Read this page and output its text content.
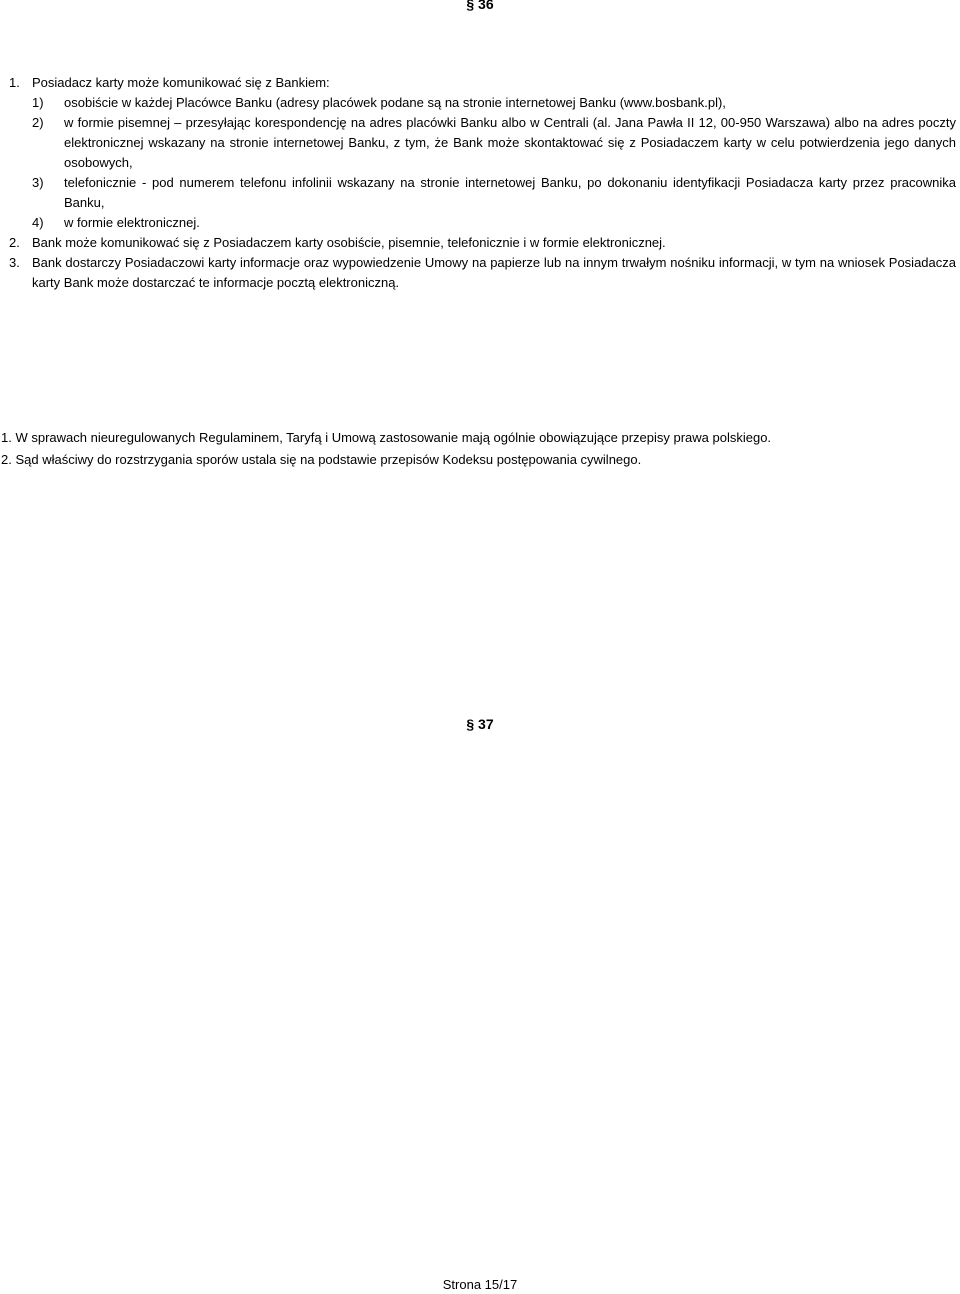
§ 36
1. Posiadacz karty może komunikować się z Bankiem:
1) osobiście w każdej Placówce Banku (adresy placówek podane są na stronie internetowej Banku (www.bosbank.pl),
2) w formie pisemnej – przesyłając korespondencję na adres placówki Banku albo w Centrali (al. Jana Pawła II 12, 00-950 Warszawa) albo na adres poczty elektronicznej wskazany na stronie internetowej Banku, z tym, że Bank może skontaktować się z Posiadaczem karty w celu potwierdzenia jego danych osobowych,
3) telefonicznie - pod numerem telefonu infolinii wskazany na stronie internetowej Banku, po dokonaniu identyfikacji Posiadacza karty przez pracownika Banku,
4) w formie elektronicznej.
2. Bank może komunikować się z Posiadaczem karty osobiście, pisemnie, telefonicznie i w formie elektronicznej.
3. Bank dostarczy Posiadaczowi karty informacje oraz wypowiedzenie Umowy na papierze lub na innym trwałym nośniku informacji, w tym na wniosek Posiadacza karty Bank może dostarczać te informacje pocztą elektroniczną.
§ 37
1. W sprawach nieuregulowanych Regulaminem, Taryfą i Umową zastosowanie mają ogólnie obowiązujące przepisy prawa polskiego.
2. Sąd właściwy do rozstrzygania sporów ustala się na podstawie przepisów Kodeksu postępowania cywilnego.
Strona 15/17
